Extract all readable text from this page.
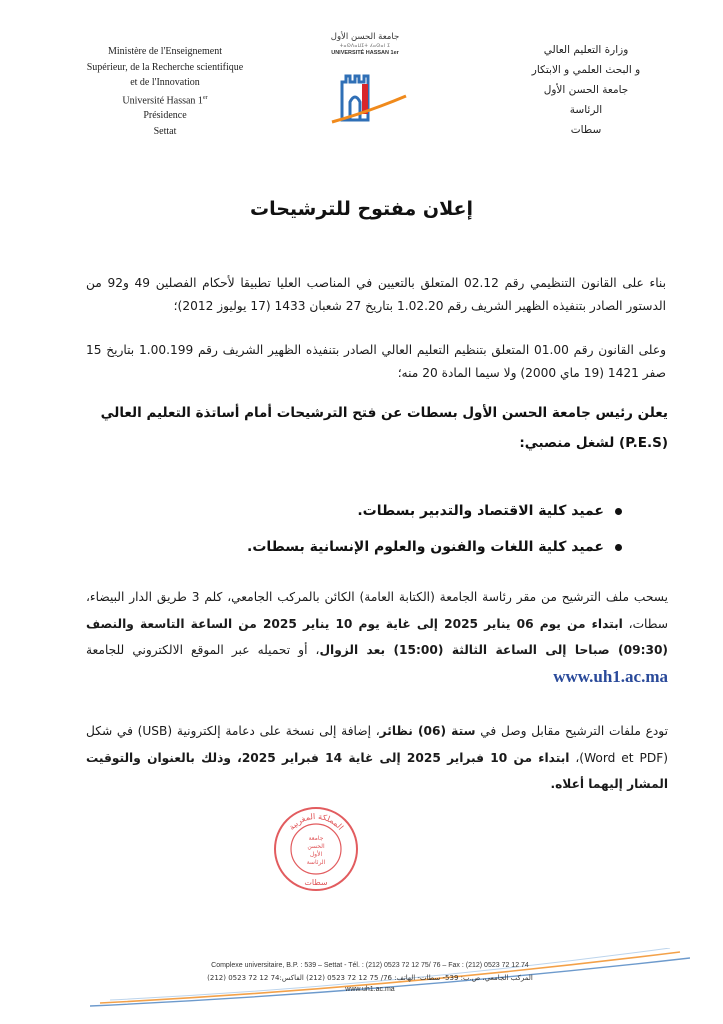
Ministère de l'Enseignement
Supérieur, de la Recherche scientifique
et de l'Innovation
Université Hassan 1er
Présidence
Settat
جامعة الحسن الأول
ⵜⴰⵙⴷⴰⵡⵉⵜ ⵃⴰⵙⴰⵏ ⵉ
UNIVERSITÉ HASSAN 1er	وزارة التعليم العالي
و البحث العلمي و الابتكار
جامعة الحسن الأول
الرئاسة
سطات
إعلان مفتوح للترشيحات
بناء على القانون التنظيمي رقم 02.12 المتعلق بالتعيين في المناصب العليا تطبيقا لأحكام الفصلين 49 و92 من الدستور الصادر بتنفيذه الظهير الشريف رقم 1.02.20 بتاريخ 27 شعبان 1433 (17 يوليوز 2012)؛
وعلى القانون رقم 01.00 المتعلق بتنظيم التعليم العالي الصادر بتنفيذه الظهير الشريف رقم 1.00.199 بتاريخ 15 صفر 1421 (19 ماي 2000) ولا سيما المادة 20 منه؛
يعلن رئيس جامعة الحسن الأول بسطات عن فتح الترشيحات أمام أساتذة التعليم العالي (P.E.S) لشغل منصبي:
عميد كلية الاقتصاد والتدبير بسطات.
عميد كلية اللغات والفنون والعلوم الإنسانية بسطات.
يسحب ملف الترشيح من مقر رئاسة الجامعة (الكتابة العامة) الكائن بالمركب الجامعي، كلم 3 طريق الدار البيضاء، سطات، ابتداء من يوم 06 يناير 2025 إلى غاية يوم 10 يناير 2025 من الساعة التاسعة والنصف (09:30) صباحا إلى الساعة الثالثة (15:00) بعد الزوال، أو تحميله عبر الموقع الالكتروني للجامعة www.uh1.ac.ma
تودع ملفات الترشيح مقابل وصل في ستة (06) نظائر، إضافة إلى نسخة على دعامة إلكترونية (USB) في شكل (Word et PDF)، ابتداء من 10 فبراير 2025 إلى غاية 14 فبراير 2025، وذلك بالعنوان والتوقيت المشار إليهما أعلاه.
المملكة المغربية
جامعة
الحسن
الأول
الرئاسة
سطات
Complexe universitaire, B.P. : 539 – Settat - Tél. : (212) 0523 72 12 75/ 76 – Fax : (212) 0523 72 12 74
المركب الجامعي، ص.ب: 539- سطات- الهاتف: 76/ 75 12 72 0523 (212) الفاكس:74 12 72 0523 (212)
www.uh1.ac.ma
